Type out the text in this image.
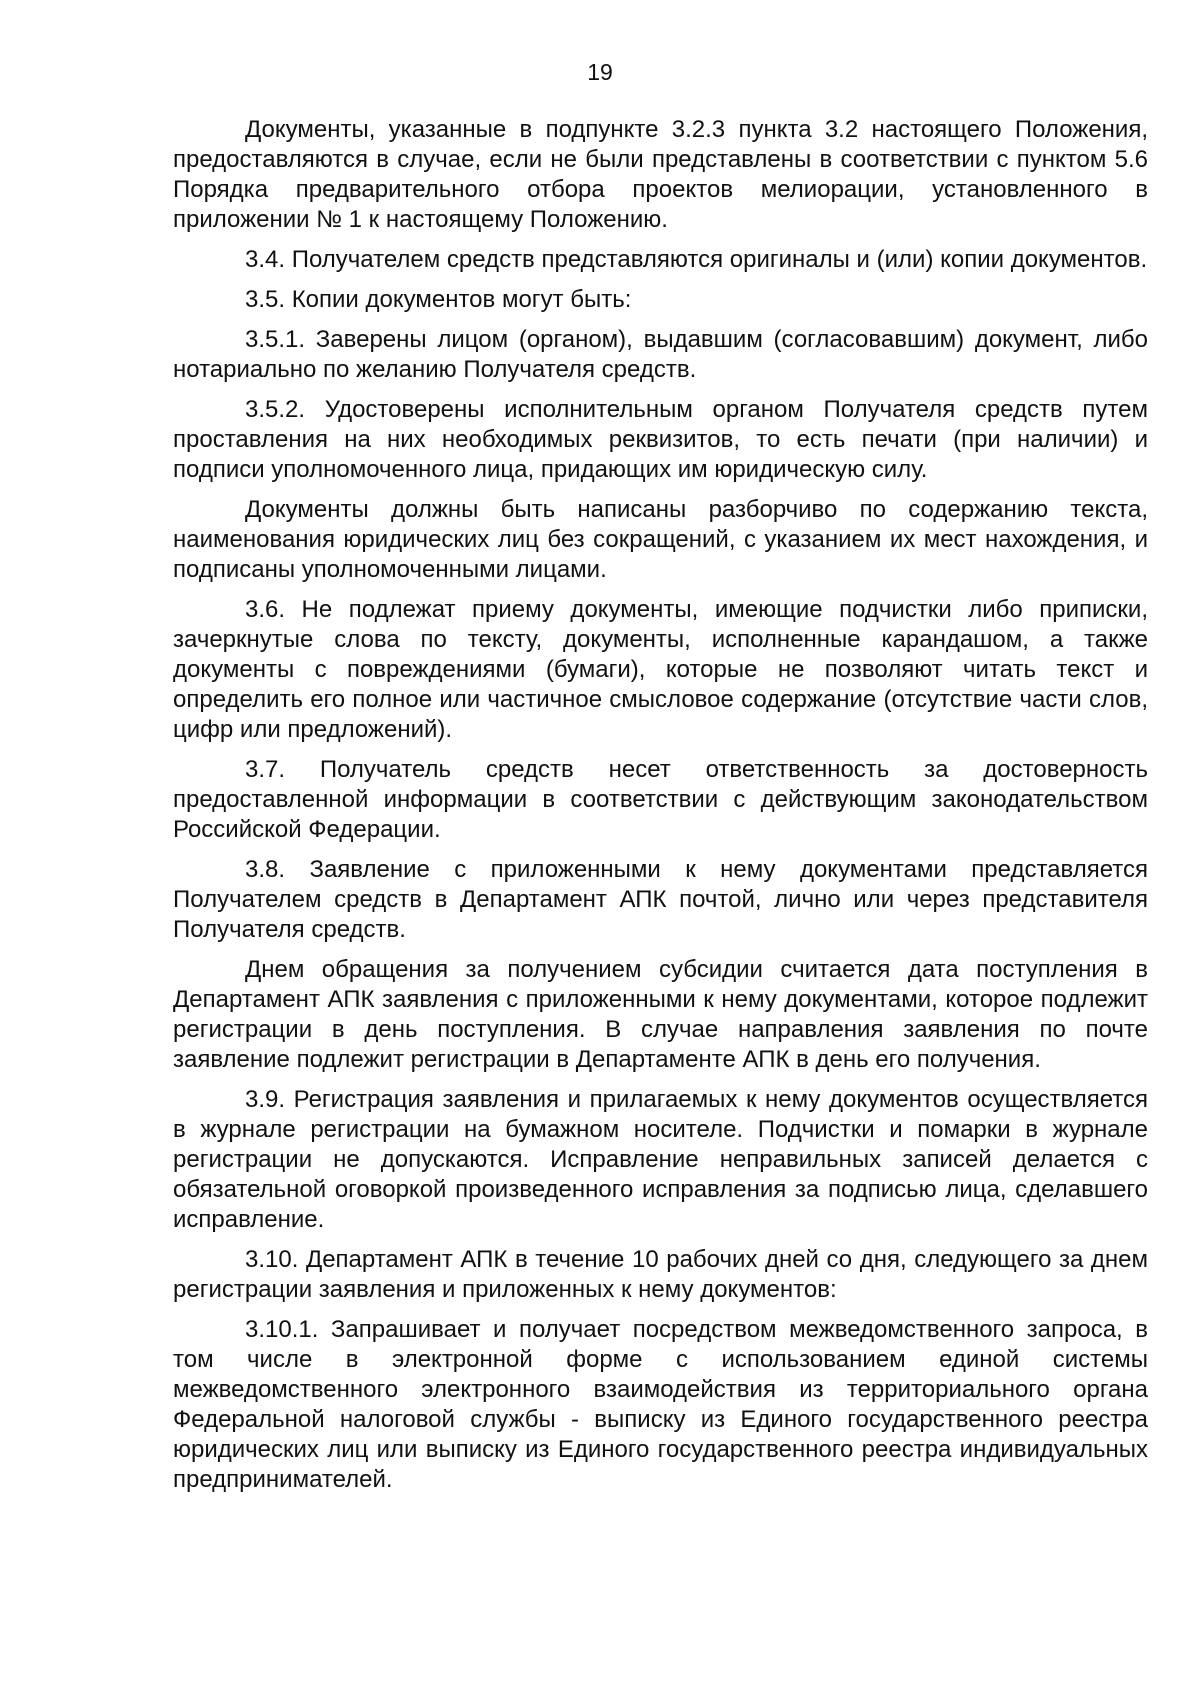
19

Документы, указанные в подпункте 3.2.3 пункта 3.2 настоящего Положения, предоставляются в случае, если не были представлены в соответствии с пунктом 5.6 Порядка предварительного отбора проектов мелиорации, установленного в приложении № 1 к настоящему Положению.

3.4. Получателем средств представляются оригиналы и (или) копии документов.

3.5. Копии документов могут быть:

3.5.1. Заверены лицом (органом), выдавшим (согласовавшим) документ, либо нотариально по желанию Получателя средств.

3.5.2. Удостоверены исполнительным органом Получателя средств путем проставления на них необходимых реквизитов, то есть печати (при наличии) и подписи уполномоченного лица, придающих им юридическую силу.

Документы должны быть написаны разборчиво по содержанию текста, наименования юридических лиц без сокращений, с указанием их мест нахождения, и подписаны уполномоченными лицами.

3.6. Не подлежат приему документы, имеющие подчистки либо приписки, зачеркнутые слова по тексту, документы, исполненные карандашом, а также документы с повреждениями (бумаги), которые не позволяют читать текст и определить его полное или частичное смысловое содержание (отсутствие части слов, цифр или предложений).

3.7. Получатель средств несет ответственность за достоверность предоставленной информации в соответствии с действующим законодательством Российской Федерации.

3.8. Заявление с приложенными к нему документами представляется Получателем средств в Департамент АПК почтой, лично или через представителя Получателя средств.

Днем обращения за получением субсидии считается дата поступления в Департамент АПК заявления с приложенными к нему документами, которое подлежит регистрации в день поступления. В случае направления заявления по почте заявление подлежит регистрации в Департаменте АПК в день его получения.

3.9. Регистрация заявления и прилагаемых к нему документов осуществляется в журнале регистрации на бумажном носителе. Подчистки и помарки в журнале регистрации не допускаются. Исправление неправильных записей делается с обязательной оговоркой произведенного исправления за подписью лица, сделавшего исправление.

3.10. Департамент АПК в течение 10 рабочих дней со дня, следующего за днем регистрации заявления и приложенных к нему документов:

3.10.1. Запрашивает и получает посредством межведомственного запроса, в том числе в электронной форме с использованием единой системы межведомственного электронного взаимодействия из территориального органа Федеральной налоговой службы - выписку из Единого государственного реестра юридических лиц или выписку из Единого государственного реестра индивидуальных предпринимателей.
